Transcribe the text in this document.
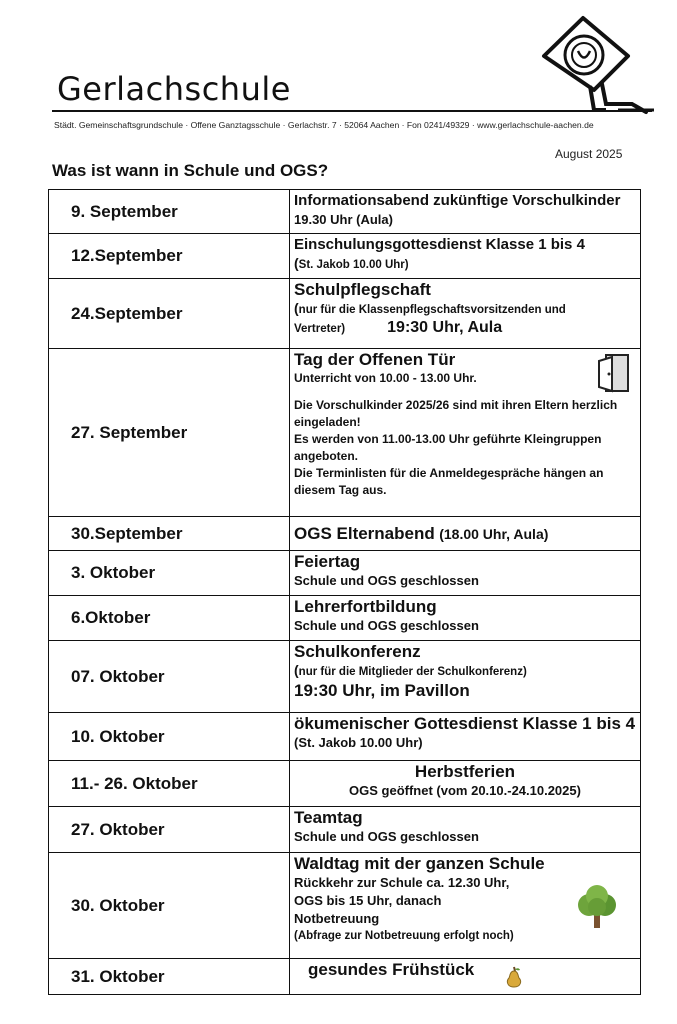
Gerlachschule
Städt. Gemeinschaftsgrundschule · Offene Ganztagsschule · Gerlachstr. 7 · 52064 Aachen · Fon 0241/49329 · www.gerlachschule-aachen.de
August 2025
Was ist wann in Schule und OGS?
9. September	Informationsabend zukünftige Vorschulkinder
19.30 Uhr (Aula)

12.September	Einschulungsgottesdienst Klasse 1 bis 4
(St. Jakob 10.00 Uhr)

24.September	Schulpflegschaft
(nur für die Klassenpflegschaftsvorsitzenden und
Vertreter) 19:30 Uhr, Aula

27. September	Tag der Offenen Tür
Unterricht von 10.00 - 13.00 Uhr.
Die Vorschulkinder 2025/26 sind mit ihren Eltern herzlich eingeladen!
Es werden von 11.00-13.00 Uhr geführte Kleingruppen angeboten.
Die Terminlisten für die Anmeldegespräche hängen an diesem Tag aus.

30.September	OGS Elternabend (18.00 Uhr, Aula)
3. Oktober	Feiertag
Schule und OGS geschlossen

6.Oktober	Lehrerfortbildung
Schule und OGS geschlossen

07. Oktober	Schulkonferenz
(nur für die Mitglieder der Schulkonferenz)
19:30 Uhr, im Pavillon

10. Oktober	ökumenischer Gottesdienst Klasse 1 bis 4
(St. Jakob 10.00 Uhr)

11.- 26. Oktober	Herbstferien
OGS geöffnet (vom 20.10.-24.10.2025)

27. Oktober	Teamtag
Schule und OGS geschlossen

30. Oktober	Waldtag mit der ganzen Schule
Rückkehr zur Schule ca. 12.30 Uhr,
OGS bis 15 Uhr, danach
Notbetreuung
(Abfrage zur Notbetreuung erfolgt noch)

31. Oktober	gesundes Frühstück
